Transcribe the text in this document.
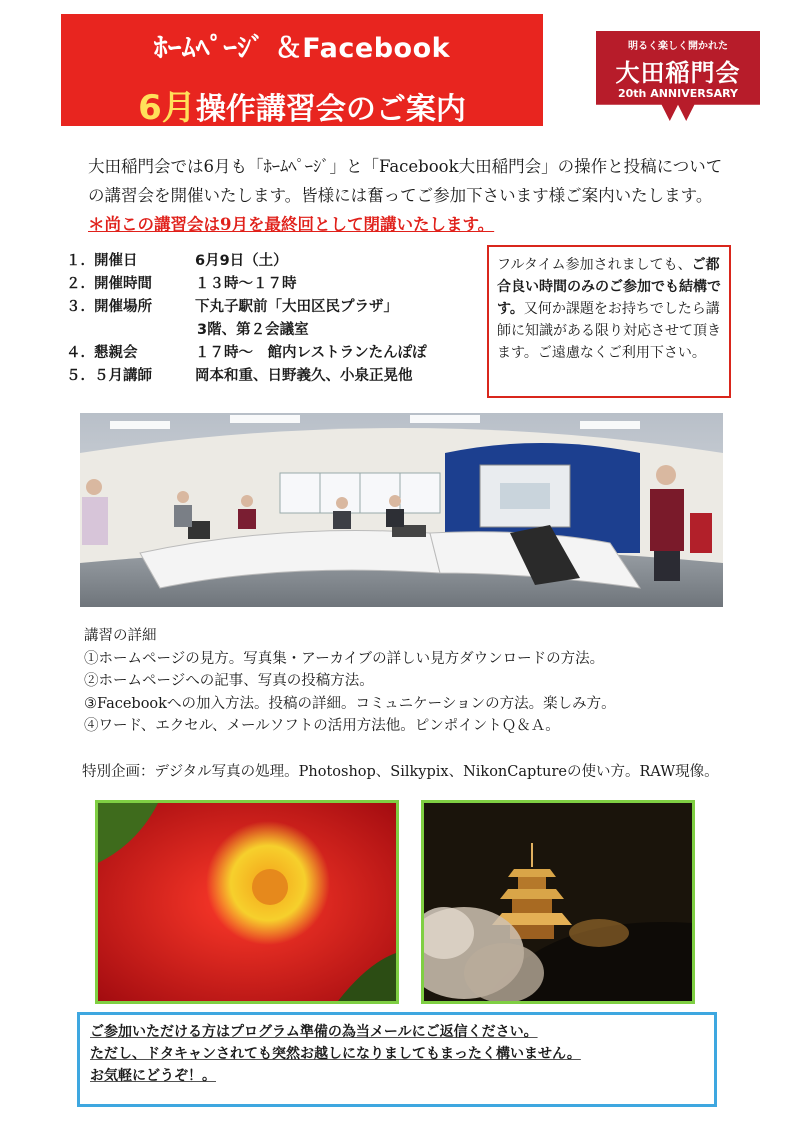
ﾎｰﾑﾍﾟｰｼﾞ ＆Facebook
6月操作講習会のご案内
明るく楽しく開かれた
大田稲門会
20th ANNIVERSARY
大田稲門会では6月も「ﾎｰﾑﾍﾟｰｼﾞ」と「Facebook大田稲門会」の操作と投稿についての講習会を開催いたします。皆様には奮ってご参加下さいます様ご案内いたします。＊尚この講習会は9月を最終回として閉講いたします。
１． 開催日	6月9日（土）
２． 開催時間	１３時～１７時
３． 開催場所	下丸子駅前「大田区民プラザ」
3階、第２会議室
４． 懇親会	１７時～　館内レストランたんぽぽ
５． ５月講師	岡本和重、日野義久、小泉正晃他
フルタイム参加されましても、ご都合良い時間のみのご参加でも結構です。又何か課題をお持ちでしたら講師に知識がある限り対応させて頂きます。ご遠慮なくご利用下さい。
講習の詳細
①ホームページの見方。写真集・アーカイブの詳しい見方ダウンロードの方法。
②ホームページへの記事、写真の投稿方法。
③Facebookへの加入方法。投稿の詳細。コミュニケーションの方法。楽しみ方。
④ワード、エクセル、メールソフトの活用方法他。ピンポイントＱ＆Ａ。
特別企画：デジタル写真の処理。Photoshop、Silkypix、NikonCaptureの使い方。RAW現像。
ご参加いただける方はプログラム準備の為当メールにご返信ください。
ただし、ドタキャンされても突然お越しになりましてもまったく構いません。
お気軽にどうぞ！。
